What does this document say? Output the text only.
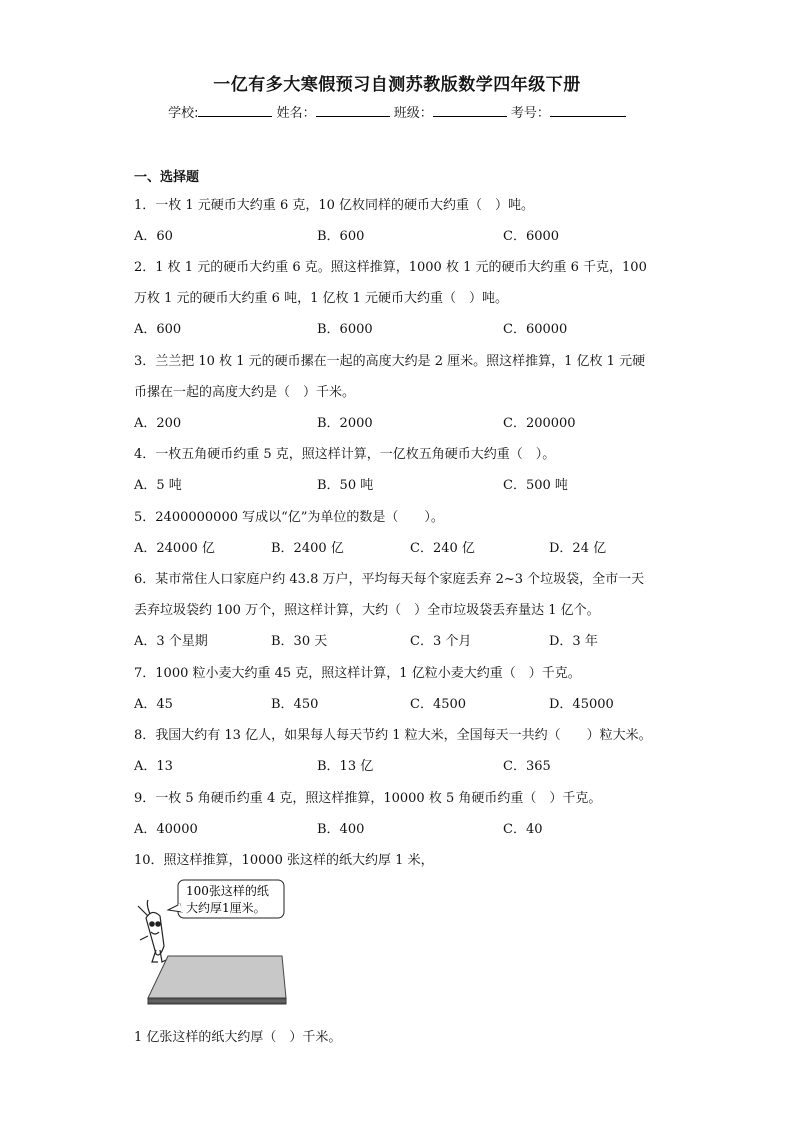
一亿有多大寒假预习自测苏教版数学四年级下册
学校:	姓名：	班级：	考号：
一、选择题
1．一枚 1 元硬币大约重 6 克，10 亿枚同样的硬币大约重（　）吨。
A．60	B．600	C．6000
2．1 枚 1 元的硬币大约重 6 克。照这样推算，1000 枚 1 元的硬币大约重 6 千克，100
万枚 1 元的硬币大约重 6 吨，1 亿枚 1 元硬币大约重（　）吨。
A．600	B．6000	C．60000
3．兰兰把 10 枚 1 元的硬币摞在一起的高度大约是 2 厘米。照这样推算，1 亿枚 1 元硬
币摞在一起的高度大约是（　）千米。
A．200	B．2000	C．200000
4．一枚五角硬币约重 5 克，照这样计算，一亿枚五角硬币大约重（　）。
A．5 吨	B．50 吨	C．500 吨
5．2400000000 写成以“亿”为单位的数是（　　）。
A．24000 亿	B．2400 亿	C．240 亿	D．24 亿
6．某市常住人口家庭户约 43.8 万户，平均每天每个家庭丢弃 2~3 个垃圾袋，全市一天
丢弃垃圾袋约 100 万个，照这样计算，大约（　）全市垃圾袋丢弃量达 1 亿个。
A．3 个星期	B．30 天	C．3 个月	D．3 年
7．1000 粒小麦大约重 45 克，照这样计算，1 亿粒小麦大约重（　）千克。
A．45	B．450	C．4500	D．45000
8．我国大约有 13 亿人，如果每人每天节约 1 粒大米，全国每天一共约（　　）粒大米。
A．13	B．13 亿	C．365
9．一枚 5 角硬币约重 4 克，照这样推算，10000 枚 5 角硬币约重（　）千克。
A．40000	B．400	C．40
10．照这样推算，10000 张这样的纸大约厚 1 米，
100张这样的纸
大约厚1厘米。
1 亿张这样的纸大约厚（　）千米。
